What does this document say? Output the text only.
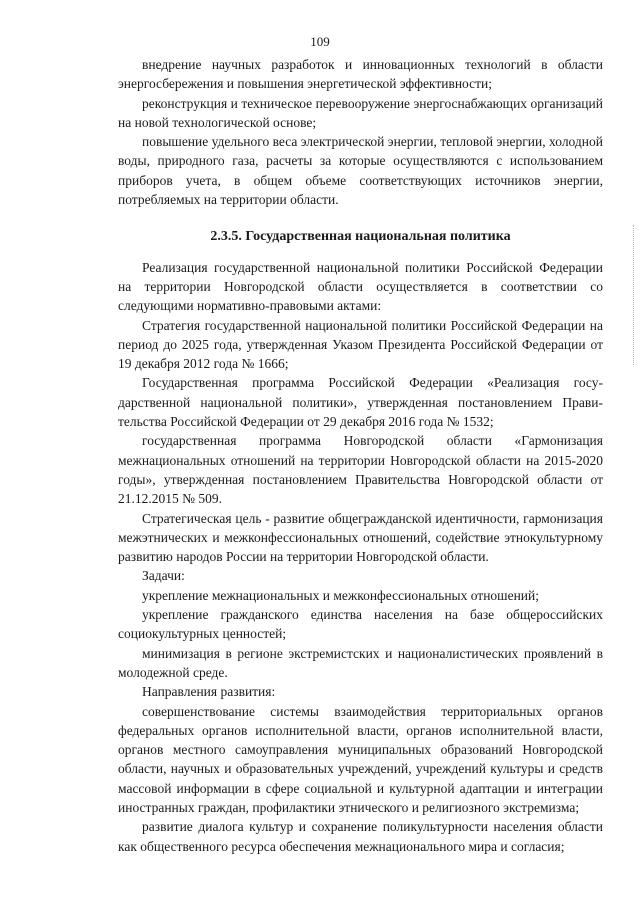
109

внедрение научных разработок и инновационных технологий в области энергосбережения и повышения энергетической эффективности;

реконструкция и техническое перевооружение энергоснабжающих организаций на новой технологической основе;

повышение удельного веса электрической энергии, тепловой энергии, холодной воды, природного газа, расчеты за которые осуществляются с использованием приборов учета, в общем объеме соответствующих источников энергии, потребляемых на территории области.

2.3.5. Государственная национальная политика

Реализация государственной национальной политики Российской Федерации на территории Новгородской области осуществляется в соответствии со следующими нормативно-правовыми актами:

Стратегия государственной национальной политики Российской Федерации на период до 2025 года, утвержденная Указом Президента Российской Федерации от 19 декабря 2012 года № 1666;

Государственная программа Российской Федерации «Реализация государственной национальной политики», утвержденная постановлением Правительства Российской Федерации от 29 декабря 2016 года № 1532;

государственная программа Новгородской области «Гармонизация межнациональных отношений на территории Новгородской области на 2015-2020 годы», утвержденная постановлением Правительства Новгородской области от 21.12.2015 № 509.

Стратегическая цель - развитие общегражданской идентичности, гармонизация межэтнических и межконфессиональных отношений, содействие этнокультурному развитию народов России на территории Новгородской области.

Задачи:

укрепление межнациональных и межконфессиональных отношений;

укрепление гражданского единства населения на базе общероссийских социокультурных ценностей;

минимизация в регионе экстремистских и националистических проявлений в молодежной среде.

Направления развития:

совершенствование системы взаимодействия территориальных органов федеральных органов исполнительной власти, органов исполнительной власти, органов местного самоуправления муниципальных образований Новгородской области, научных и образовательных учреждений, учреждений культуры и средств массовой информации в сфере социальной и культурной адаптации и интеграции иностранных граждан, профилактики этнического и религиозного экстремизма;

развитие диалога культур и сохранение поликультурности населения области как общественного ресурса обеспечения межнационального мира и согласия;
